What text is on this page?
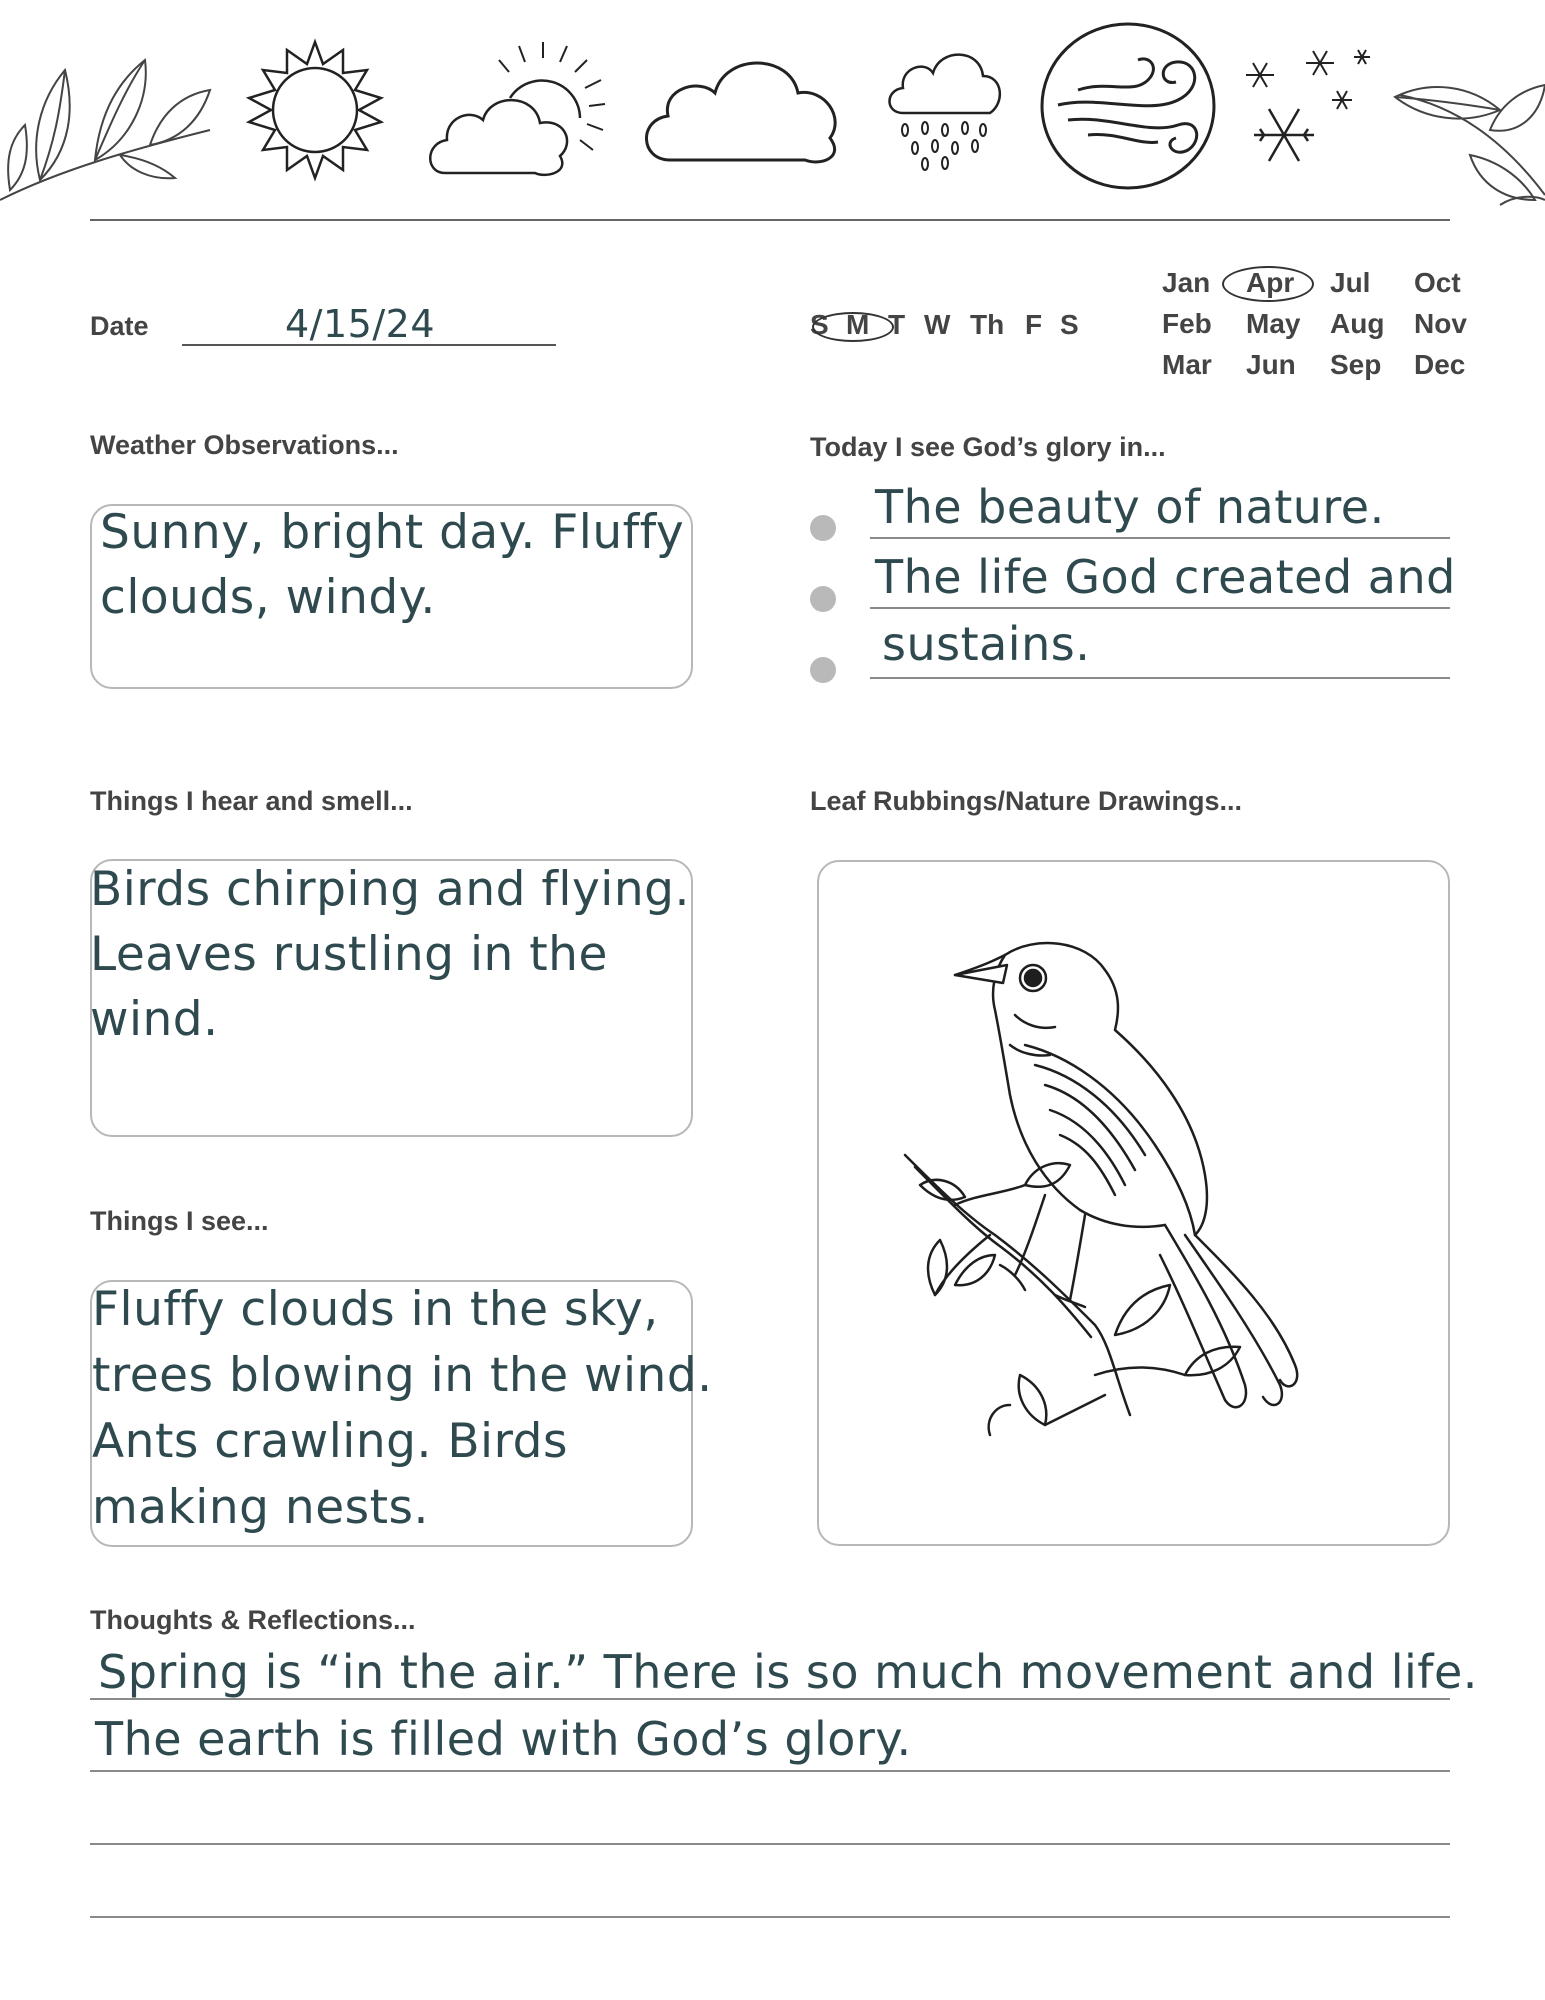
Date	4/15/24	S M T W Th F S
Jan Apr Jul Oct
Feb May Aug Nov
Mar Jun Sep Dec
Weather Observations...
Sunny, bright day. Fluffy
clouds, windy.
Today I see God’s glory in...
The beauty of nature.
The life God created and
sustains.
Things I hear and smell...
Birds chirping and flying.
Leaves rustling in the
wind.
Things I see...
Fluffy clouds in the sky,
trees blowing in the wind.
Ants crawling. Birds
making nests.
Leaf Rubbings/Nature Drawings...
Thoughts & Reflections...
Spring is “in the air.” There is so much movement and life.
The earth is filled with God’s glory.
